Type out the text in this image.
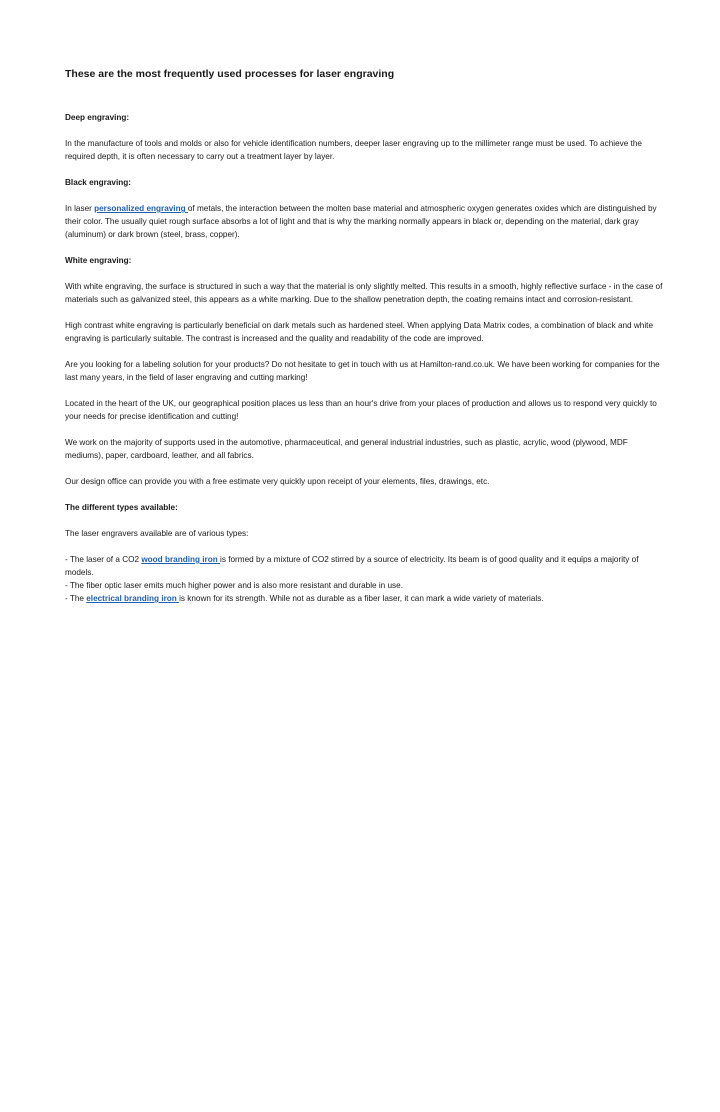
These are the most frequently used processes for laser engraving

Deep engraving:

In the manufacture of tools and molds or also for vehicle identification numbers, deeper laser engraving up to the millimeter range must be used. To achieve the required depth, it is often necessary to carry out a treatment layer by layer.

Black engraving:

In laser personalized engraving of metals, the interaction between the molten base material and atmospheric oxygen generates oxides which are distinguished by their color. The usually quiet rough surface absorbs a lot of light and that is why the marking normally appears in black or, depending on the material, dark gray (aluminum) or dark brown (steel, brass, copper).

White engraving:

With white engraving, the surface is structured in such a way that the material is only slightly melted. This results in a smooth, highly reflective surface - in the case of materials such as galvanized steel, this appears as a white marking. Due to the shallow penetration depth, the coating remains intact and corrosion-resistant.

High contrast white engraving is particularly beneficial on dark metals such as hardened steel. When applying Data Matrix codes, a combination of black and white engraving is particularly suitable. The contrast is increased and the quality and readability of the code are improved.

Are you looking for a labeling solution for your products? Do not hesitate to get in touch with us at Hamilton-rand.co.uk. We have been working for companies for the last many years, in the field of laser engraving and cutting marking!

Located in the heart of the UK, our geographical position places us less than an hour's drive from your places of production and allows us to respond very quickly to your needs for precise identification and cutting!

We work on the majority of supports used in the automotive, pharmaceutical, and general industrial industries, such as plastic, acrylic, wood (plywood, MDF mediums), paper, cardboard, leather, and all fabrics.

Our design office can provide you with a free estimate very quickly upon receipt of your elements, files, drawings, etc.

The different types available:

The laser engravers available are of various types:

- The laser of a CO2 wood branding iron is formed by a mixture of CO2 stirred by a source of electricity. Its beam is of good quality and it equips a majority of models.

- The fiber optic laser emits much higher power and is also more resistant and durable in use.

- The electrical branding iron is known for its strength. While not as durable as a fiber laser, it can mark a wide variety of materials.
